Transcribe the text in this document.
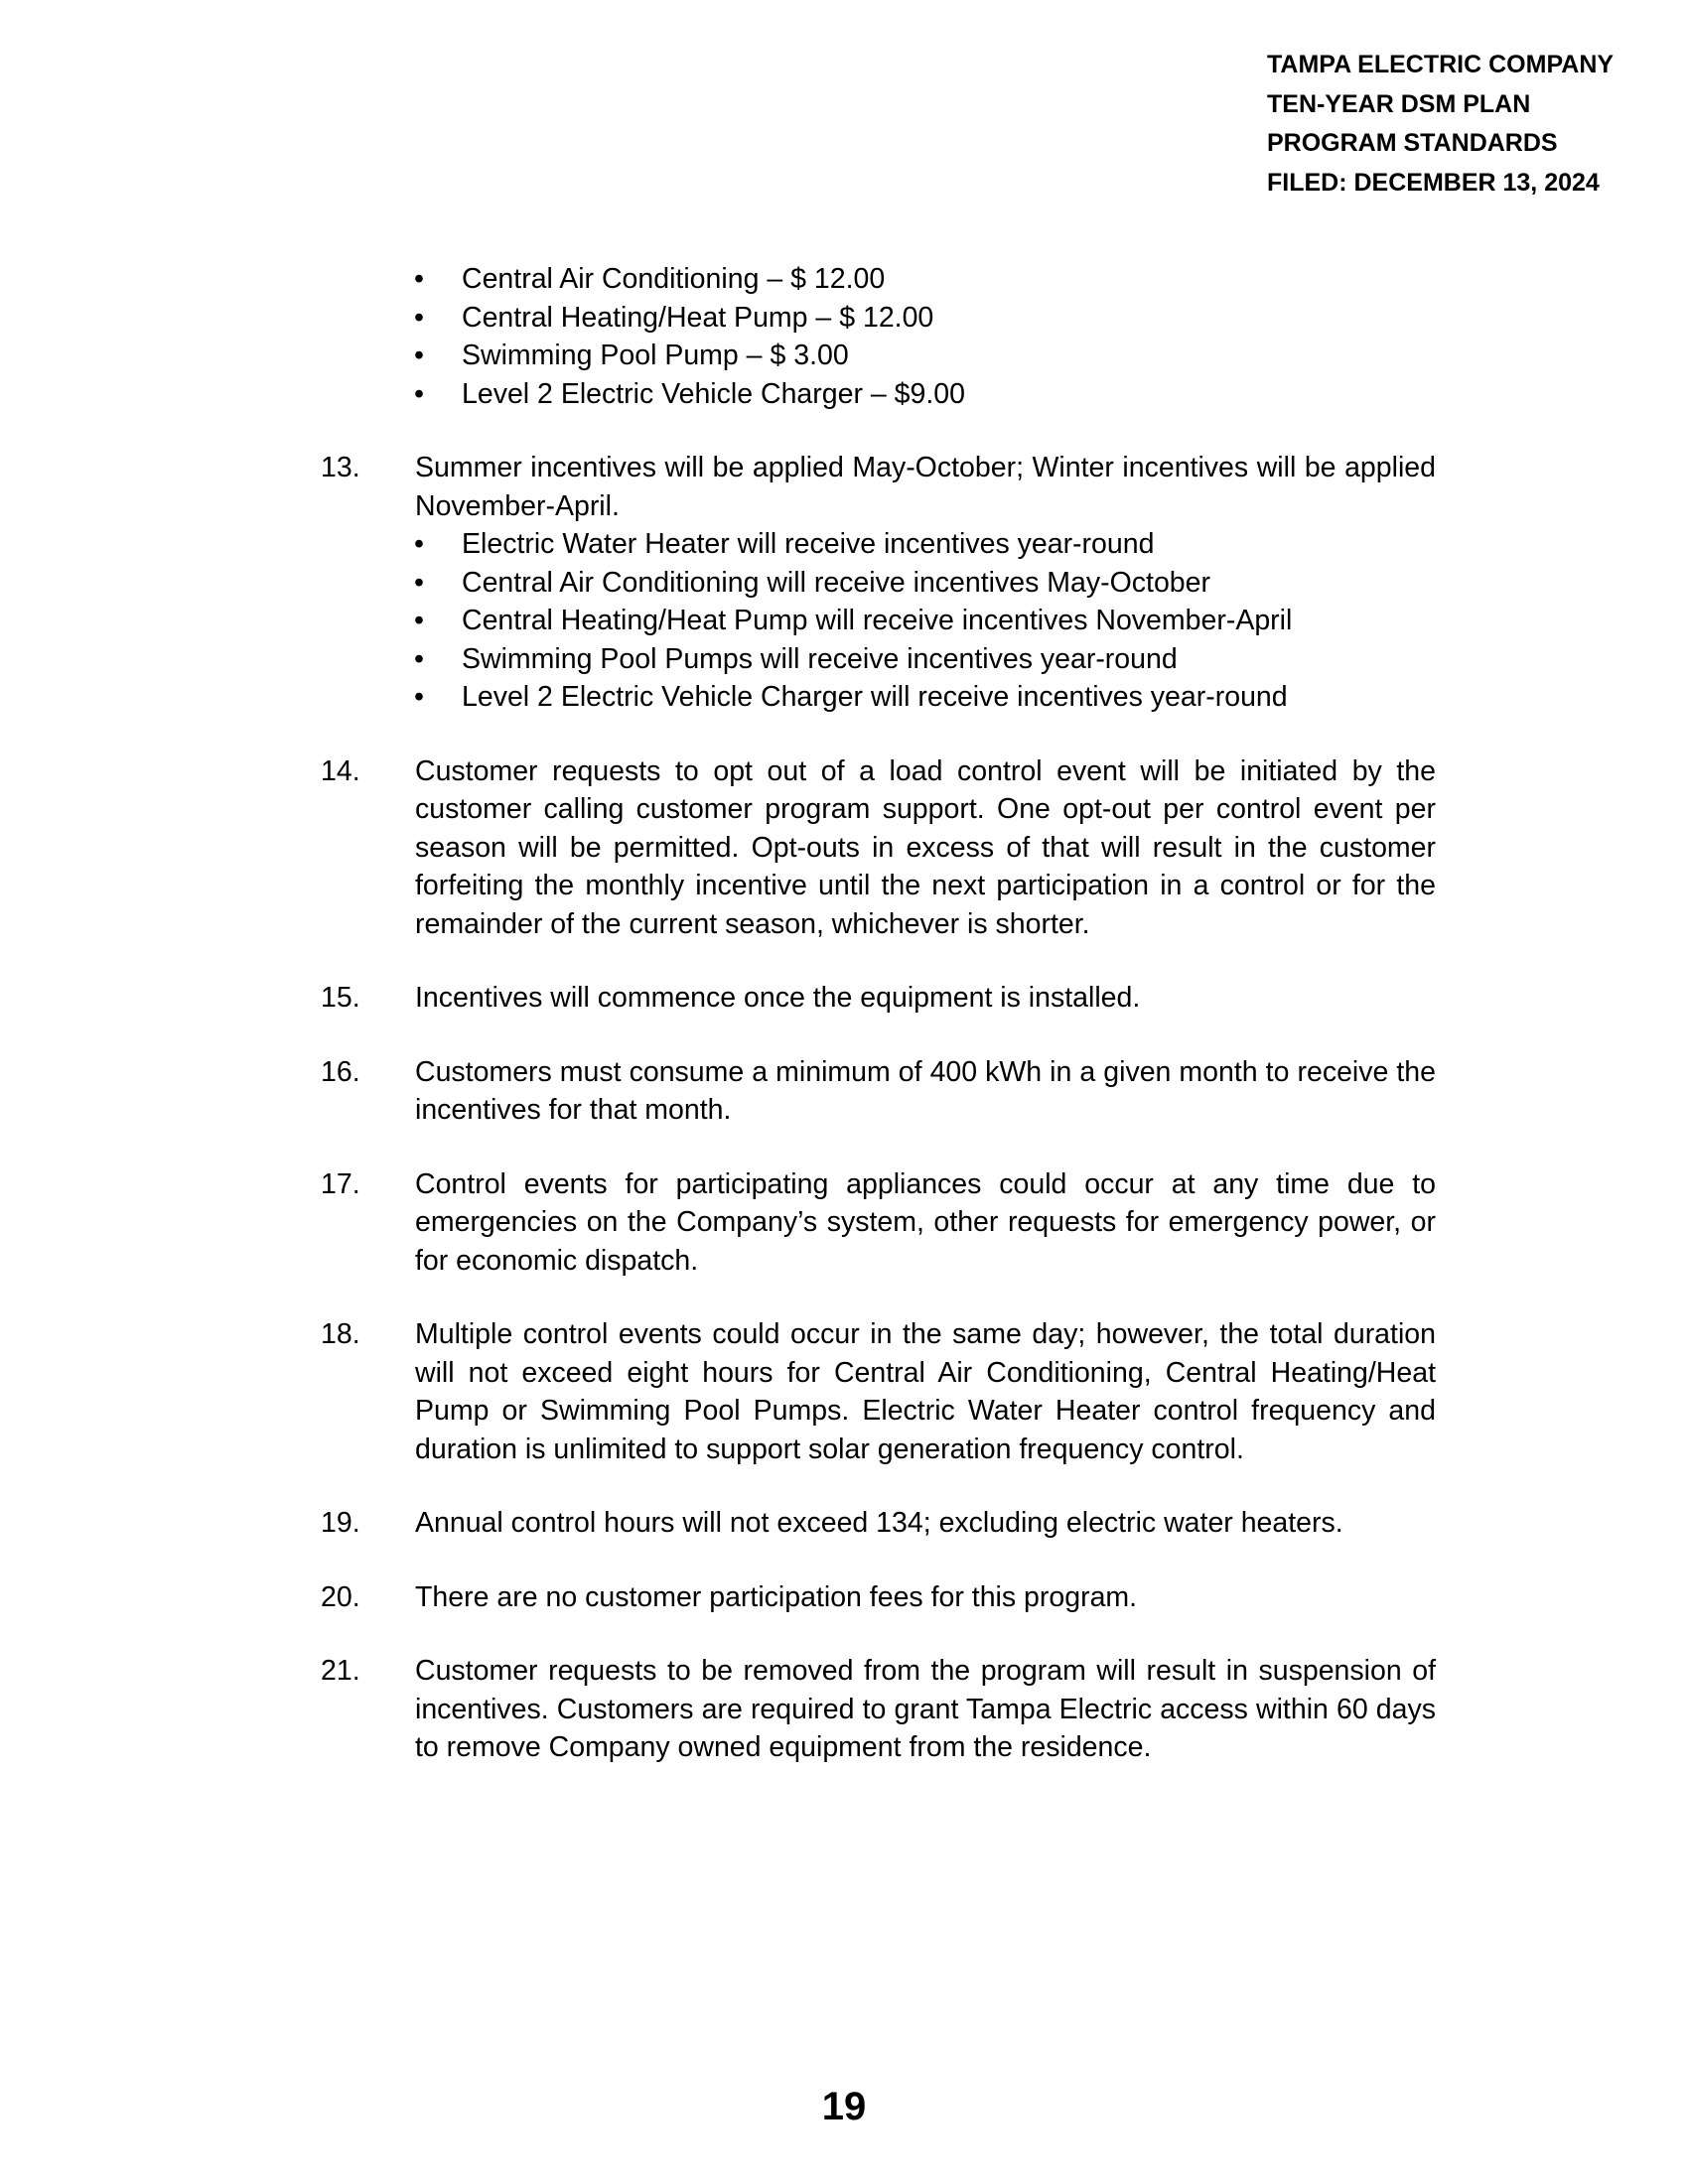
TAMPA ELECTRIC COMPANY
TEN-YEAR DSM PLAN
PROGRAM STANDARDS
FILED: DECEMBER 13, 2024
• Central Air Conditioning – $ 12.00
• Central Heating/Heat Pump – $ 12.00
• Swimming Pool Pump – $ 3.00
• Level 2 Electric Vehicle Charger – $9.00
13. Summer incentives will be applied May-October; Winter incentives will be applied November-April.
• Electric Water Heater will receive incentives year-round
• Central Air Conditioning will receive incentives May-October
• Central Heating/Heat Pump will receive incentives November-April
• Swimming Pool Pumps will receive incentives year-round
• Level 2 Electric Vehicle Charger will receive incentives year-round
14. Customer requests to opt out of a load control event will be initiated by the customer calling customer program support. One opt-out per control event per season will be permitted. Opt-outs in excess of that will result in the customer forfeiting the monthly incentive until the next participation in a control or for the remainder of the current season, whichever is shorter.
15. Incentives will commence once the equipment is installed.
16. Customers must consume a minimum of 400 kWh in a given month to receive the incentives for that month.
17. Control events for participating appliances could occur at any time due to emergencies on the Company’s system, other requests for emergency power, or for economic dispatch.
18. Multiple control events could occur in the same day; however, the total duration will not exceed eight hours for Central Air Conditioning, Central Heating/Heat Pump or Swimming Pool Pumps. Electric Water Heater control frequency and duration is unlimited to support solar generation frequency control.
19. Annual control hours will not exceed 134; excluding electric water heaters.
20. There are no customer participation fees for this program.
21. Customer requests to be removed from the program will result in suspension of incentives. Customers are required to grant Tampa Electric access within 60 days to remove Company owned equipment from the residence.
19
